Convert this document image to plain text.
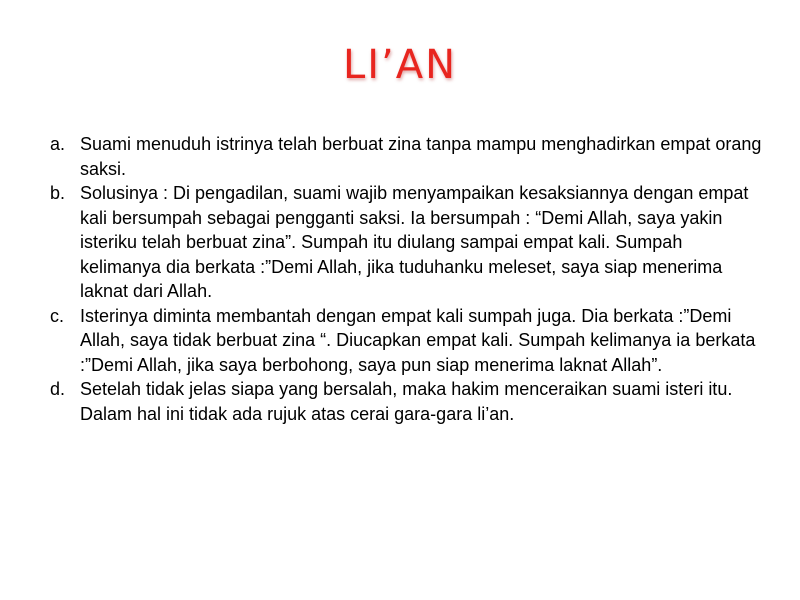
LI’AN
a. Suami menuduh istrinya telah berbuat zina tanpa mampu menghadirkan empat orang saksi.
b. Solusinya : Di pengadilan, suami wajib menyampaikan kesaksiannya dengan empat kali bersumpah sebagai pengganti saksi. Ia bersumpah : “Demi Allah, saya yakin isteriku telah berbuat zina”. Sumpah itu diulang sampai empat kali. Sumpah kelimanya dia berkata :”Demi Allah, jika tuduhanku meleset, saya siap menerima laknat dari Allah.
c. Isterinya diminta membantah dengan empat kali sumpah juga. Dia berkata :”Demi Allah, saya tidak berbuat zina “. Diucapkan empat kali. Sumpah kelimanya ia berkata :”Demi Allah, jika saya berbohong, saya pun siap menerima laknat Allah”.
d. Setelah tidak jelas siapa yang bersalah, maka hakim menceraikan suami isteri itu. Dalam hal ini tidak ada rujuk atas cerai gara-gara li’an.
